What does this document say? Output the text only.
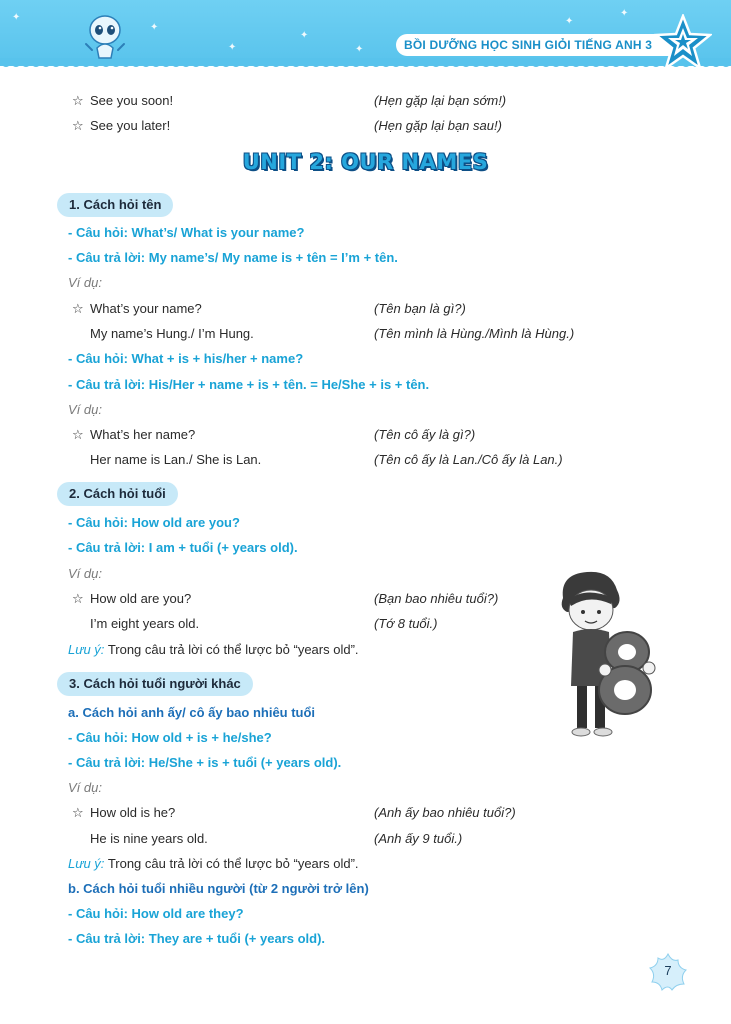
✦
✦
✦
✦
✦
✦
✦
BỒI DƯỠNG HỌC SINH GIỎI TIẾNG ANH 3
☆ See you soon!	(Hẹn gặp lại bạn sớm!)
☆ See you later!	(Hẹn gặp lại bạn sau!)
UNIT 2: OUR NAMES
1. Cách hỏi tên
- Câu hỏi: What’s/ What is your name?
- Câu trả lời: My name’s/ My name is + tên = I’m + tên.
Ví dụ:
☆ What’s your name?	(Tên bạn là gì?)
My name’s Hung./ I’m Hung.	(Tên mình là Hùng./Mình là Hùng.)
- Câu hỏi: What + is + his/her + name?
- Câu trả lời: His/Her + name + is + tên. = He/She + is + tên.
Ví dụ:
☆ What’s her name?	(Tên cô ấy là gì?)
Her name is Lan./ She is Lan.	(Tên cô ấy là Lan./Cô ấy là Lan.)
2. Cách hỏi tuổi
- Câu hỏi: How old are you?
- Câu trả lời: I am + tuổi (+ years old).
Ví dụ:
☆ How old are you?	(Bạn bao nhiêu tuổi?)
I’m eight years old.	(Tớ 8 tuổi.)
Lưu ý: Trong câu trả lời có thể lược bỏ “years old”.
3. Cách hỏi tuổi người khác
a. Cách hỏi anh ấy/ cô ấy bao nhiêu tuổi
- Câu hỏi: How old + is + he/she?
- Câu trả lời: He/She + is + tuổi (+ years old).
Ví dụ:
☆ How old is he?	(Anh ấy bao nhiêu tuổi?)
He is nine years old.	(Anh ấy 9 tuổi.)
Lưu ý: Trong câu trả lời có thể lược bỏ “years old”.
b. Cách hỏi tuổi nhiều người (từ 2 người trở lên)
- Câu hỏi: How old are they?
- Câu trả lời: They are + tuổi (+ years old).
7
